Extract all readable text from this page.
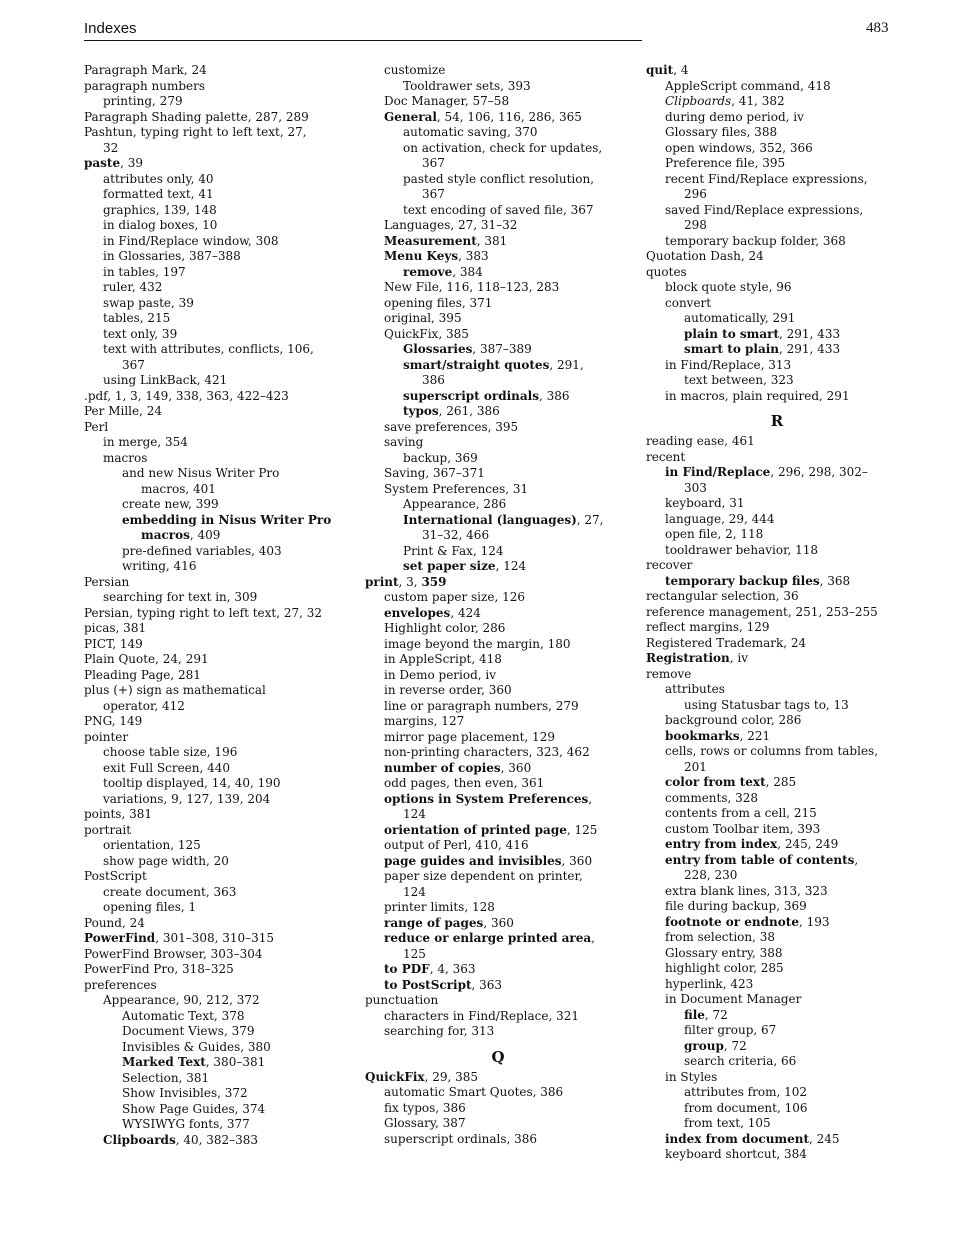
Indexes	483
Paragraph Mark, 24
paragraph numbers
printing, 279
Paragraph Shading palette, 287, 289
Pashtun, typing right to left text, 27,
32
paste, 39
attributes only, 40
formatted text, 41
graphics, 139, 148
in dialog boxes, 10
in Find/Replace window, 308
in Glossaries, 387–388
in tables, 197
ruler, 432
swap paste, 39
tables, 215
text only, 39
text with attributes, conflicts, 106,
367
using LinkBack, 421
.pdf, 1, 3, 149, 338, 363, 422–423
Per Mille, 24
Perl
in merge, 354
macros
and new Nisus Writer Pro
macros, 401
create new, 399
embedding in Nisus Writer Pro
macros, 409
pre-defined variables, 403
writing, 416
Persian
searching for text in, 309
Persian, typing right to left text, 27, 32
picas, 381
PICT, 149
Plain Quote, 24, 291
Pleading Page, 281
plus (+) sign as mathematical
operator, 412
PNG, 149
pointer
choose table size, 196
exit Full Screen, 440
tooltip displayed, 14, 40, 190
variations, 9, 127, 139, 204
points, 381
portrait
orientation, 125
show page width, 20
PostScript
create document, 363
opening files, 1
Pound, 24
PowerFind, 301–308, 310–315
PowerFind Browser, 303–304
PowerFind Pro, 318–325
preferences
Appearance, 90, 212, 372
Automatic Text, 378
Document Views, 379
Invisibles & Guides, 380
Marked Text, 380–381
Selection, 381
Show Invisibles, 372
Show Page Guides, 374
WYSIWYG fonts, 377
Clipboards, 40, 382–383
customize
Tooldrawer sets, 393
Doc Manager, 57–58
General, 54, 106, 116, 286, 365
automatic saving, 370
on activation, check for updates,
367
pasted style conflict resolution,
367
text encoding of saved file, 367
Languages, 27, 31–32
Measurement, 381
Menu Keys, 383
remove, 384
New File, 116, 118–123, 283
opening files, 371
original, 395
QuickFix, 385
Glossaries, 387–389
smart/straight quotes, 291,
386
superscript ordinals, 386
typos, 261, 386
save preferences, 395
saving
backup, 369
Saving, 367–371
System Preferences, 31
Appearance, 286
International (languages), 27,
31–32, 466
Print & Fax, 124
set paper size, 124
print, 3, 359
custom paper size, 126
envelopes, 424
Highlight color, 286
image beyond the margin, 180
in AppleScript, 418
in Demo period, iv
in reverse order, 360
line or paragraph numbers, 279
margins, 127
mirror page placement, 129
non-printing characters, 323, 462
number of copies, 360
odd pages, then even, 361
options in System Preferences,
124
orientation of printed page, 125
output of Perl, 410, 416
page guides and invisibles, 360
paper size dependent on printer,
124
printer limits, 128
range of pages, 360
reduce or enlarge printed area,
125
to PDF, 4, 363
to PostScript, 363
punctuation
characters in Find/Replace, 321
searching for, 313
Q
QuickFix, 29, 385
automatic Smart Quotes, 386
fix typos, 386
Glossary, 387
superscript ordinals, 386
quit, 4
AppleScript command, 418
Clipboards, 41, 382
during demo period, iv
Glossary files, 388
open windows, 352, 366
Preference file, 395
recent Find/Replace expressions,
296
saved Find/Replace expressions,
298
temporary backup folder, 368
Quotation Dash, 24
quotes
block quote style, 96
convert
automatically, 291
plain to smart, 291, 433
smart to plain, 291, 433
in Find/Replace, 313
text between, 323
in macros, plain required, 291
R
reading ease, 461
recent
in Find/Replace, 296, 298, 302–
303
keyboard, 31
language, 29, 444
open file, 2, 118
tooldrawer behavior, 118
recover
temporary backup files, 368
rectangular selection, 36
reference management, 251, 253–255
reflect margins, 129
Registered Trademark, 24
Registration, iv
remove
attributes
using Statusbar tags to, 13
background color, 286
bookmarks, 221
cells, rows or columns from tables,
201
color from text, 285
comments, 328
contents from a cell, 215
custom Toolbar item, 393
entry from index, 245, 249
entry from table of contents,
228, 230
extra blank lines, 313, 323
file during backup, 369
footnote or endnote, 193
from selection, 38
Glossary entry, 388
highlight color, 285
hyperlink, 423
in Document Manager
file, 72
filter group, 67
group, 72
search criteria, 66
in Styles
attributes from, 102
from document, 106
from text, 105
index from document, 245
keyboard shortcut, 384
